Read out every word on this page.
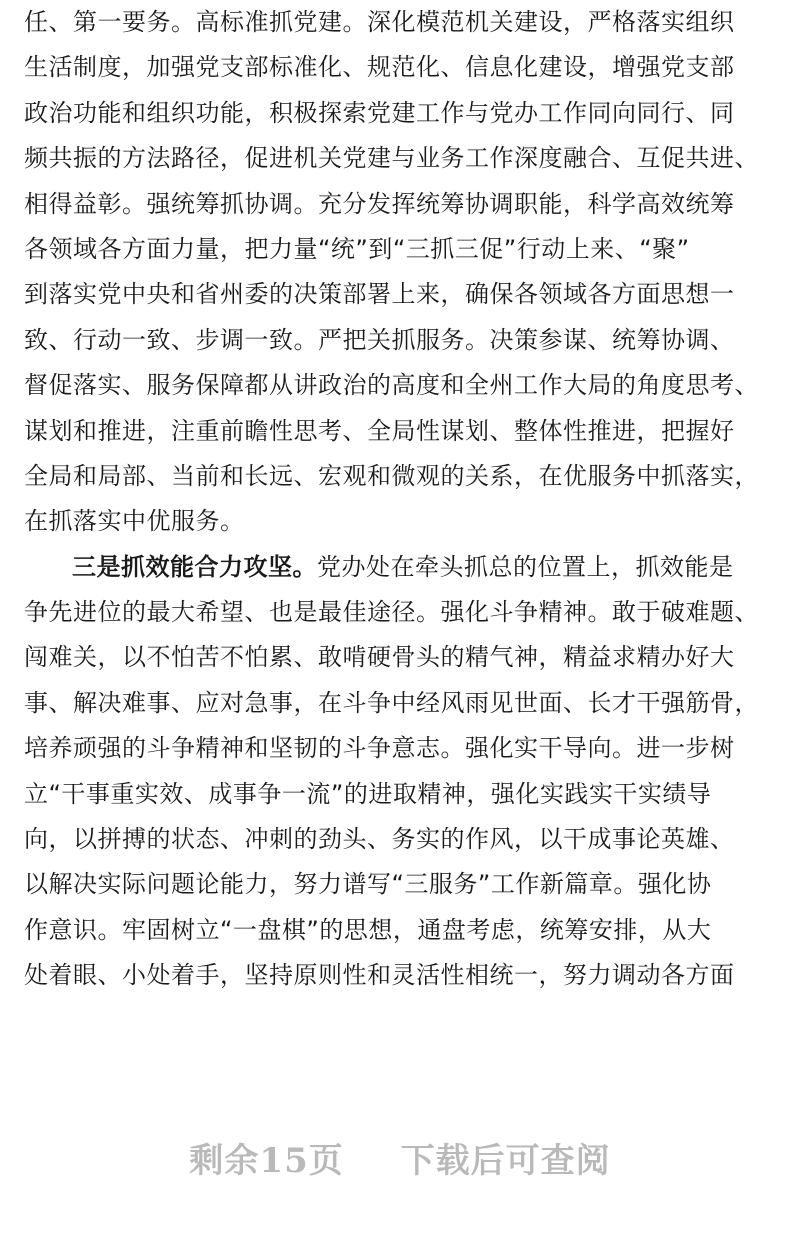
任、第一要务。高标准抓党建。深化模范机关建设，严格落实组织
生活制度，加强党支部标准化、规范化、信息化建设，增强党支部
政治功能和组织功能，积极探索党建工作与党办工作同向同行、同
频共振的方法路径，促进机关党建与业务工作深度融合、互促共进、
相得益彰。强统筹抓协调。充分发挥统筹协调职能，科学高效统筹
各领域各方面力量，把力量“统”到“三抓三促”行动上来、“聚”
到落实党中央和省州委的决策部署上来，确保各领域各方面思想一
致、行动一致、步调一致。严把关抓服务。决策参谋、统筹协调、
督促落实、服务保障都从讲政治的高度和全州工作大局的角度思考、
谋划和推进，注重前瞻性思考、全局性谋划、整体性推进，把握好
全局和局部、当前和长远、宏观和微观的关系，在优服务中抓落实，
在抓落实中优服务。
三是抓效能合力攻坚。党办处在牵头抓总的位置上，抓效能是
争先进位的最大希望、也是最佳途径。强化斗争精神。敢于破难题、
闯难关，以不怕苦不怕累、敢啃硬骨头的精气神，精益求精办好大
事、解决难事、应对急事，在斗争中经风雨见世面、长才干强筋骨，
培养顽强的斗争精神和坚韧的斗争意志。强化实干导向。进一步树
立“干事重实效、成事争一流”的进取精神，强化实践实干实绩导
向，以拼搏的状态、冲刺的劲头、务实的作风，以干成事论英雄、
以解决实际问题论能力，努力谱写“三服务”工作新篇章。强化协
作意识。牢固树立“一盘棋”的思想，通盘考虑，统筹安排，从大
处着眼、小处着手，坚持原则性和灵活性相统一，努力调动各方面
剩余15页 下载后可查阅
